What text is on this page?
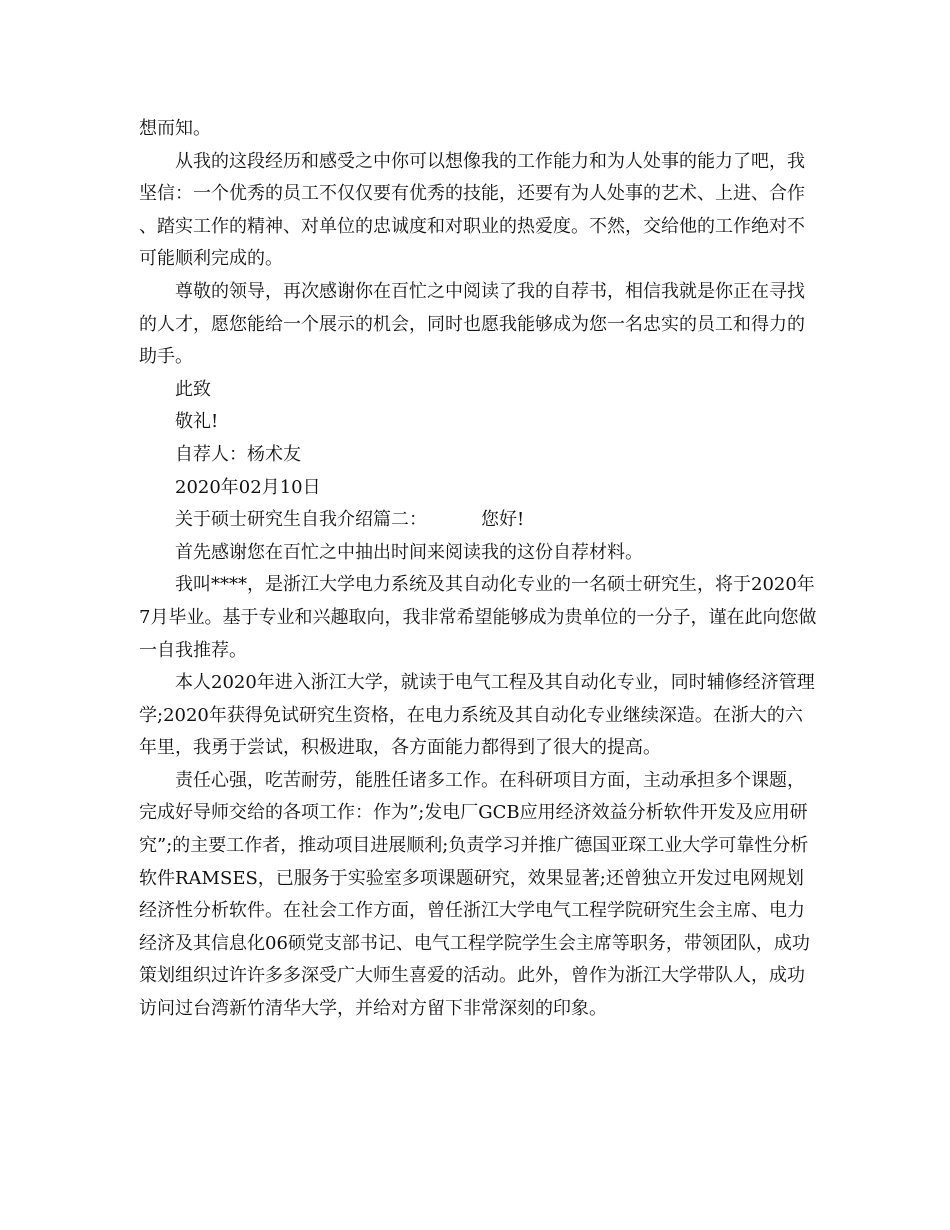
想而知。

从我的这段经历和感受之中你可以想像我的工作能力和为人处事的能力了吧，我坚信：一个优秀的员工不仅仅要有优秀的技能，还要有为人处事的艺术、上进、合作、踏实工作的精神、对单位的忠诚度和对职业的热爱度。不然，交给他的工作绝对不可能顺利完成的。

尊敬的领导，再次感谢你在百忙之中阅读了我的自荐书，相信我就是你正在寻找的人才，愿您能给一个展示的机会，同时也愿我能够成为您一名忠实的员工和得力的助手。

此致

敬礼!

自荐人：杨术友

2020年02月10日

关于硕士研究生自我介绍篇二：	您好!

首先感谢您在百忙之中抽出时间来阅读我的这份自荐材料。

我叫****，是浙江大学电力系统及其自动化专业的一名硕士研究生，将于2020年7月毕业。基于专业和兴趣取向，我非常希望能够成为贵单位的一分子，谨在此向您做一自我推荐。

本人2020年进入浙江大学，就读于电气工程及其自动化专业，同时辅修经济管理学;2020年获得免试研究生资格，在电力系统及其自动化专业继续深造。在浙大的六年里，我勇于尝试，积极进取，各方面能力都得到了很大的提高。

责任心强，吃苦耐劳，能胜任诸多工作。在科研项目方面，主动承担多个课题，完成好导师交给的各项工作：作为”;发电厂GCB应用经济效益分析软件开发及应用研究”;的主要工作者，推动项目进展顺利;负责学习并推广德国亚琛工业大学可靠性分析软件RAMSES，已服务于实验室多项课题研究，效果显著;还曾独立开发过电网规划经济性分析软件。在社会工作方面，曾任浙江大学电气工程学院研究生会主席、电力经济及其信息化06硕党支部书记、电气工程学院学生会主席等职务，带领团队，成功策划组织过许许多多深受广大师生喜爱的活动。此外，曾作为浙江大学带队人，成功访问过台湾新竹清华大学，并给对方留下非常深刻的印象。
